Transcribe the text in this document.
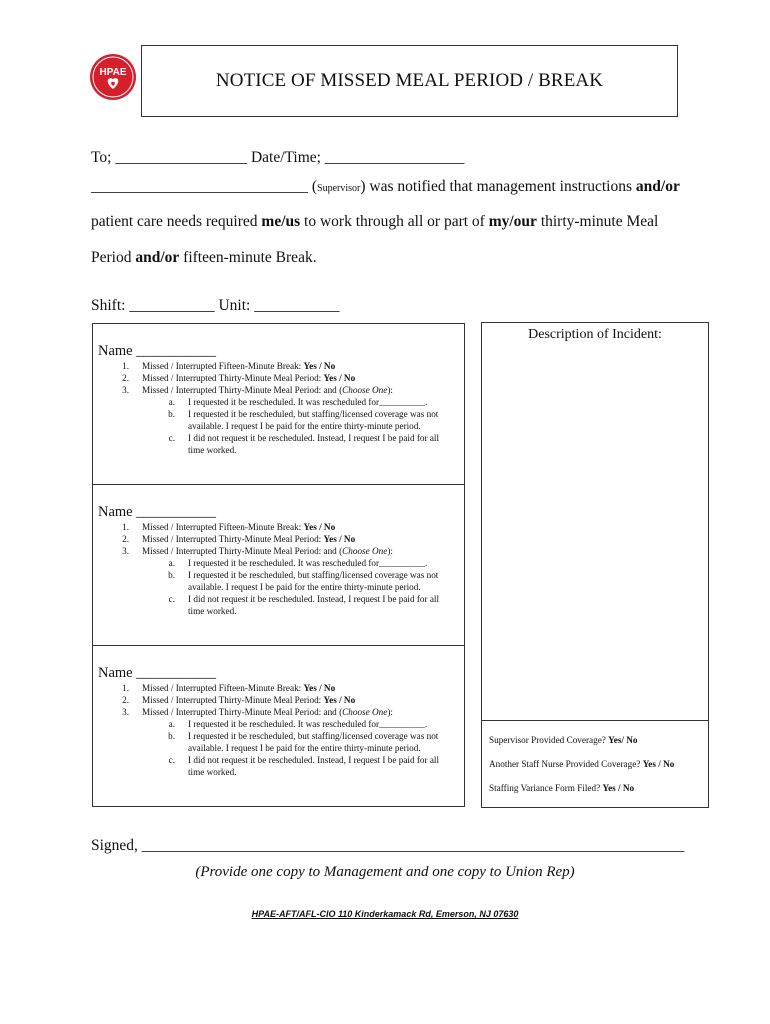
HPAE	NOTICE OF MISSED MEAL PERIOD / BREAK
To; _________________ Date/Time; __________________
____________________________ (Supervisor) was notified that management instructions and/or
patient care needs required me/us to work through all or part of my/our thirty-minute Meal
Period and/or fifteen-minute Break.
Shift: ___________ Unit: ___________
Name ___________
1. Missed / Interrupted Fifteen-Minute Break: Yes / No
2. Missed / Interrupted Thirty-Minute Meal Period: Yes / No
3. Missed / Interrupted Thirty-Minute Meal Period: and (Choose One):
a. I requested it be rescheduled. It was rescheduled for__________.
b. I requested it be rescheduled, but staffing/licensed coverage was not available. I request I be paid for the entire thirty-minute period.
c. I did not request it be rescheduled. Instead, I request I be paid for all time worked.
Name ___________
1. Missed / Interrupted Fifteen-Minute Break: Yes / No
2. Missed / Interrupted Thirty-Minute Meal Period: Yes / No
3. Missed / Interrupted Thirty-Minute Meal Period: and (Choose One):
a. I requested it be rescheduled. It was rescheduled for__________.
b. I requested it be rescheduled, but staffing/licensed coverage was not available. I request I be paid for the entire thirty-minute period.
c. I did not request it be rescheduled. Instead, I request I be paid for all time worked.
Name ___________
1. Missed / Interrupted Fifteen-Minute Break: Yes / No
2. Missed / Interrupted Thirty-Minute Meal Period: Yes / No
3. Missed / Interrupted Thirty-Minute Meal Period: and (Choose One):
a. I requested it be rescheduled. It was rescheduled for__________.
b. I requested it be rescheduled, but staffing/licensed coverage was not available. I request I be paid for the entire thirty-minute period.
c. I did not request it be rescheduled. Instead, I request I be paid for all time worked.
Description of Incident:
Supervisor Provided Coverage? Yes/ No
Another Staff Nurse Provided Coverage? Yes / No
Staffing Variance Form Filed? Yes / No
Signed, ______________________________________________________________________
(Provide one copy to Management and one copy to Union Rep)
HPAE-AFT/AFL-CIO 110 Kinderkamack Rd, Emerson, NJ 07630
